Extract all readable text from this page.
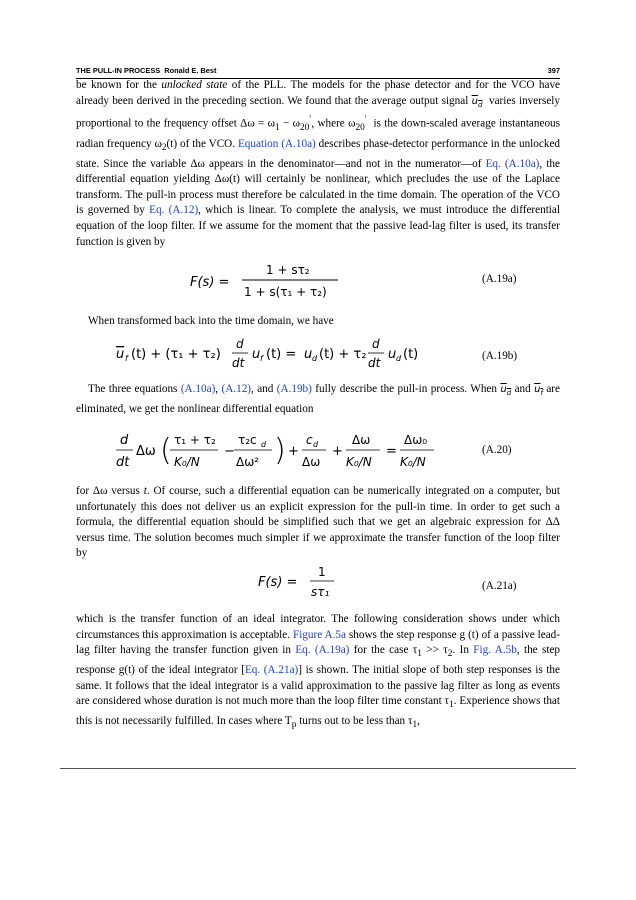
THE PULL-IN PROCESS Ronald E. Best	397

be known for the unlocked state of the PLL. The models for the phase detector and for the VCO have already been derived in the preceding section. We found that the average output signal $u_d$ varies inversely proportional to the frequency offset $\Delta\omega = \omega_1 - \omega_{20}'$, where $\omega_{20}'$  is the down-scaled average instantaneous radian frequency $\omega_2(t)$ of the VCO. Equation (A.10a) describes phase-detector performance in the unlocked state. Since the variable Δω appears in the denominator—and not in the numerator—of Eq. (A.10a), the differential equation yielding Δω(t) will certainly be nonlinear, which precludes the use of the Laplace transform. The pull-in process must therefore be calculated in the time domain. The operation of the VCO is governed by Eq. (A.12), which is linear. To complete the analysis, we must introduce the differential equation of the loop filter. If we assume for the moment that the passive lead-lag filter is used, its transfer function is given by

F(s) =
1 + sτ₂
1 + s(τ₁ + τ₂)
(A.19a)

When transformed back into the time domain, we have

u f (t) + (τ₁ + τ₂)
d
dt
u f (t) = u d (t) + τ₂
d
dt
u d (t)	(A.19b)

The three equations (A.10a), (A.12), and (A.19b) fully describe the pull-in process. When $u_d$ and $u_f$ are eliminated, we get the nonlinear differential equation

d
dt
Δω ( τ₁ + τ₂
K₀/N
−
τ₂c d
Δω² ) +
c d
Δω
+
Δω
K₀/N
=
Δω₀
K₀/N
(A.20)

for Δω versus t. Of course, such a differential equation can be numerically integrated on a computer, but unfortunately this does not deliver us an explicit expression for the pull-in time. In order to get such a formula, the differential equation should be simplified such that we get an algebraic expression for ΔΔ versus time. The solution becomes much simpler if we approximate the transfer function of the loop filter by

F(s) =
1
sτ₁	(A.21a)

which is the transfer function of an ideal integrator. The following consideration shows under which circumstances this approximation is acceptable. Figure A.5a shows the step response g (t) of a passive lead-lag filter having the transfer function given in Eq. (A.19a) for the case $\tau_1 >> \tau_2$. In Fig. A.5b, the step response g(t) of the ideal integrator [Eq. (A.21a)] is shown. The initial slope of both step responses is the same. It follows that the ideal integrator is a valid approximation to the passive lag filter as long as events are considered whose duration is not much more than the loop filter time constant $\tau_1$. Experience shows that this is not necessarily fulfilled. In cases where $T_p$ turns out to be less than $\tau_1$,
